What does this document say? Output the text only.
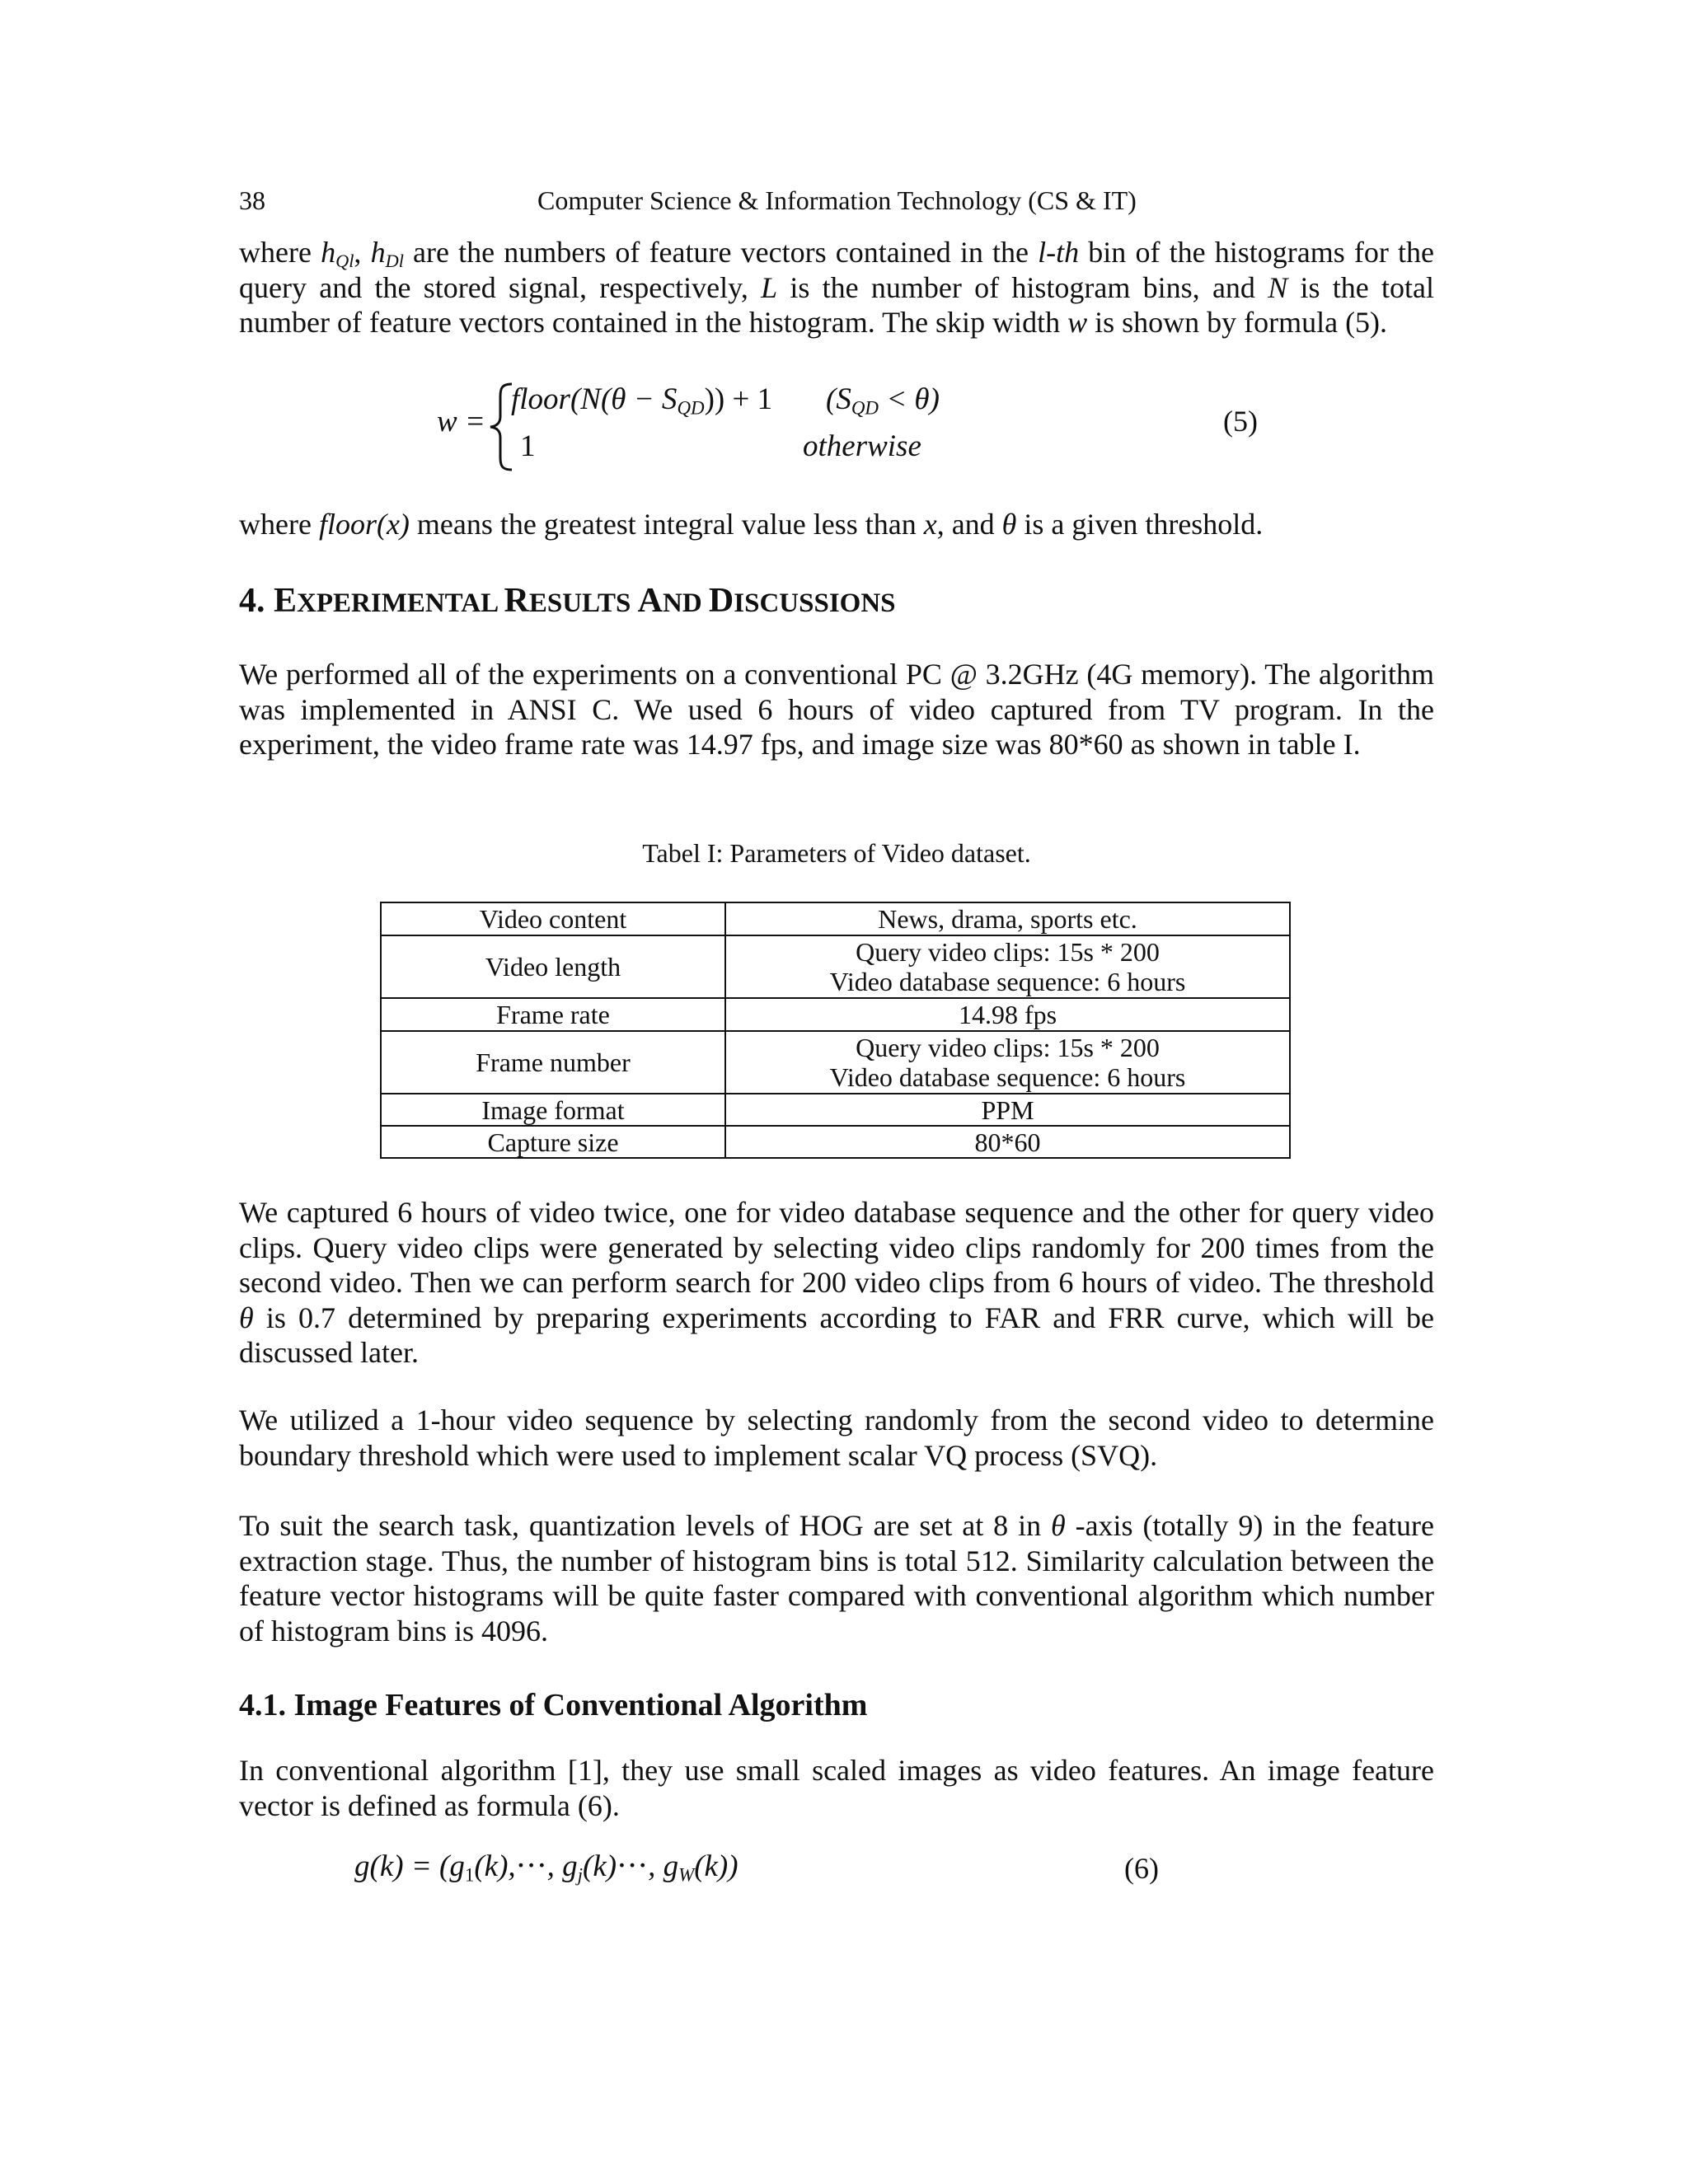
38	Computer Science & Information Technology (CS & IT)
where $h_{Ql}$, $h_{Dl}$ are the numbers of feature vectors contained in the l-th bin of the histograms for the query and the stored signal, respectively, L is the number of histogram bins, and N is the total number of feature vectors contained in the histogram. The skip width w is shown by formula (5).
w =
floor(N(θ − $S_{QD})) + 1$ $(S_{QD} < \theta)$
1	otherwise
(5)
where floor(x) means the greatest integral value less than x, and θ is a given threshold.
4. EXPERIMENTAL RESULTS AND DISCUSSIONS
We performed all of the experiments on a conventional PC @ 3.2GHz (4G memory). The algorithm was implemented in ANSI C. We used 6 hours of video captured from TV program. In the experiment, the video frame rate was 14.97 fps, and image size was 80*60 as shown in table I.
Tabel I: Parameters of Video dataset.
Video content	News, drama, sports etc.
Video length	Query video clips: 15s * 200
Video database sequence: 6 hours

Frame rate	14.98 fps
Frame number	Query video clips: 15s * 200
Video database sequence: 6 hours

Image format	PPM
Capture size	80*60
We captured 6 hours of video twice, one for video database sequence and the other for query video clips. Query video clips were generated by selecting video clips randomly for 200 times from the second video. Then we can perform search for 200 video clips from 6 hours of video. The threshold θ is 0.7 determined by preparing experiments according to FAR and FRR curve, which will be discussed later.
We utilized a 1-hour video sequence by selecting randomly from the second video to determine boundary threshold which were used to implement scalar VQ process (SVQ).
To suit the search task, quantization levels of HOG are set at 8 in θ -axis (totally 9) in the feature extraction stage. Thus, the number of histogram bins is total 512. Similarity calculation between the feature vector histograms will be quite faster compared with conventional algorithm which number of histogram bins is 4096.
4.1. Image Features of Conventional Algorithm
In conventional algorithm [1], they use small scaled images as video features. An image feature vector is defined as formula (6).
$g(k) = (g_1(k),\cdot\cdot\cdot$, $g_j(k)\cdot\cdot\cdot$, $g_W(k)$)	(6)
